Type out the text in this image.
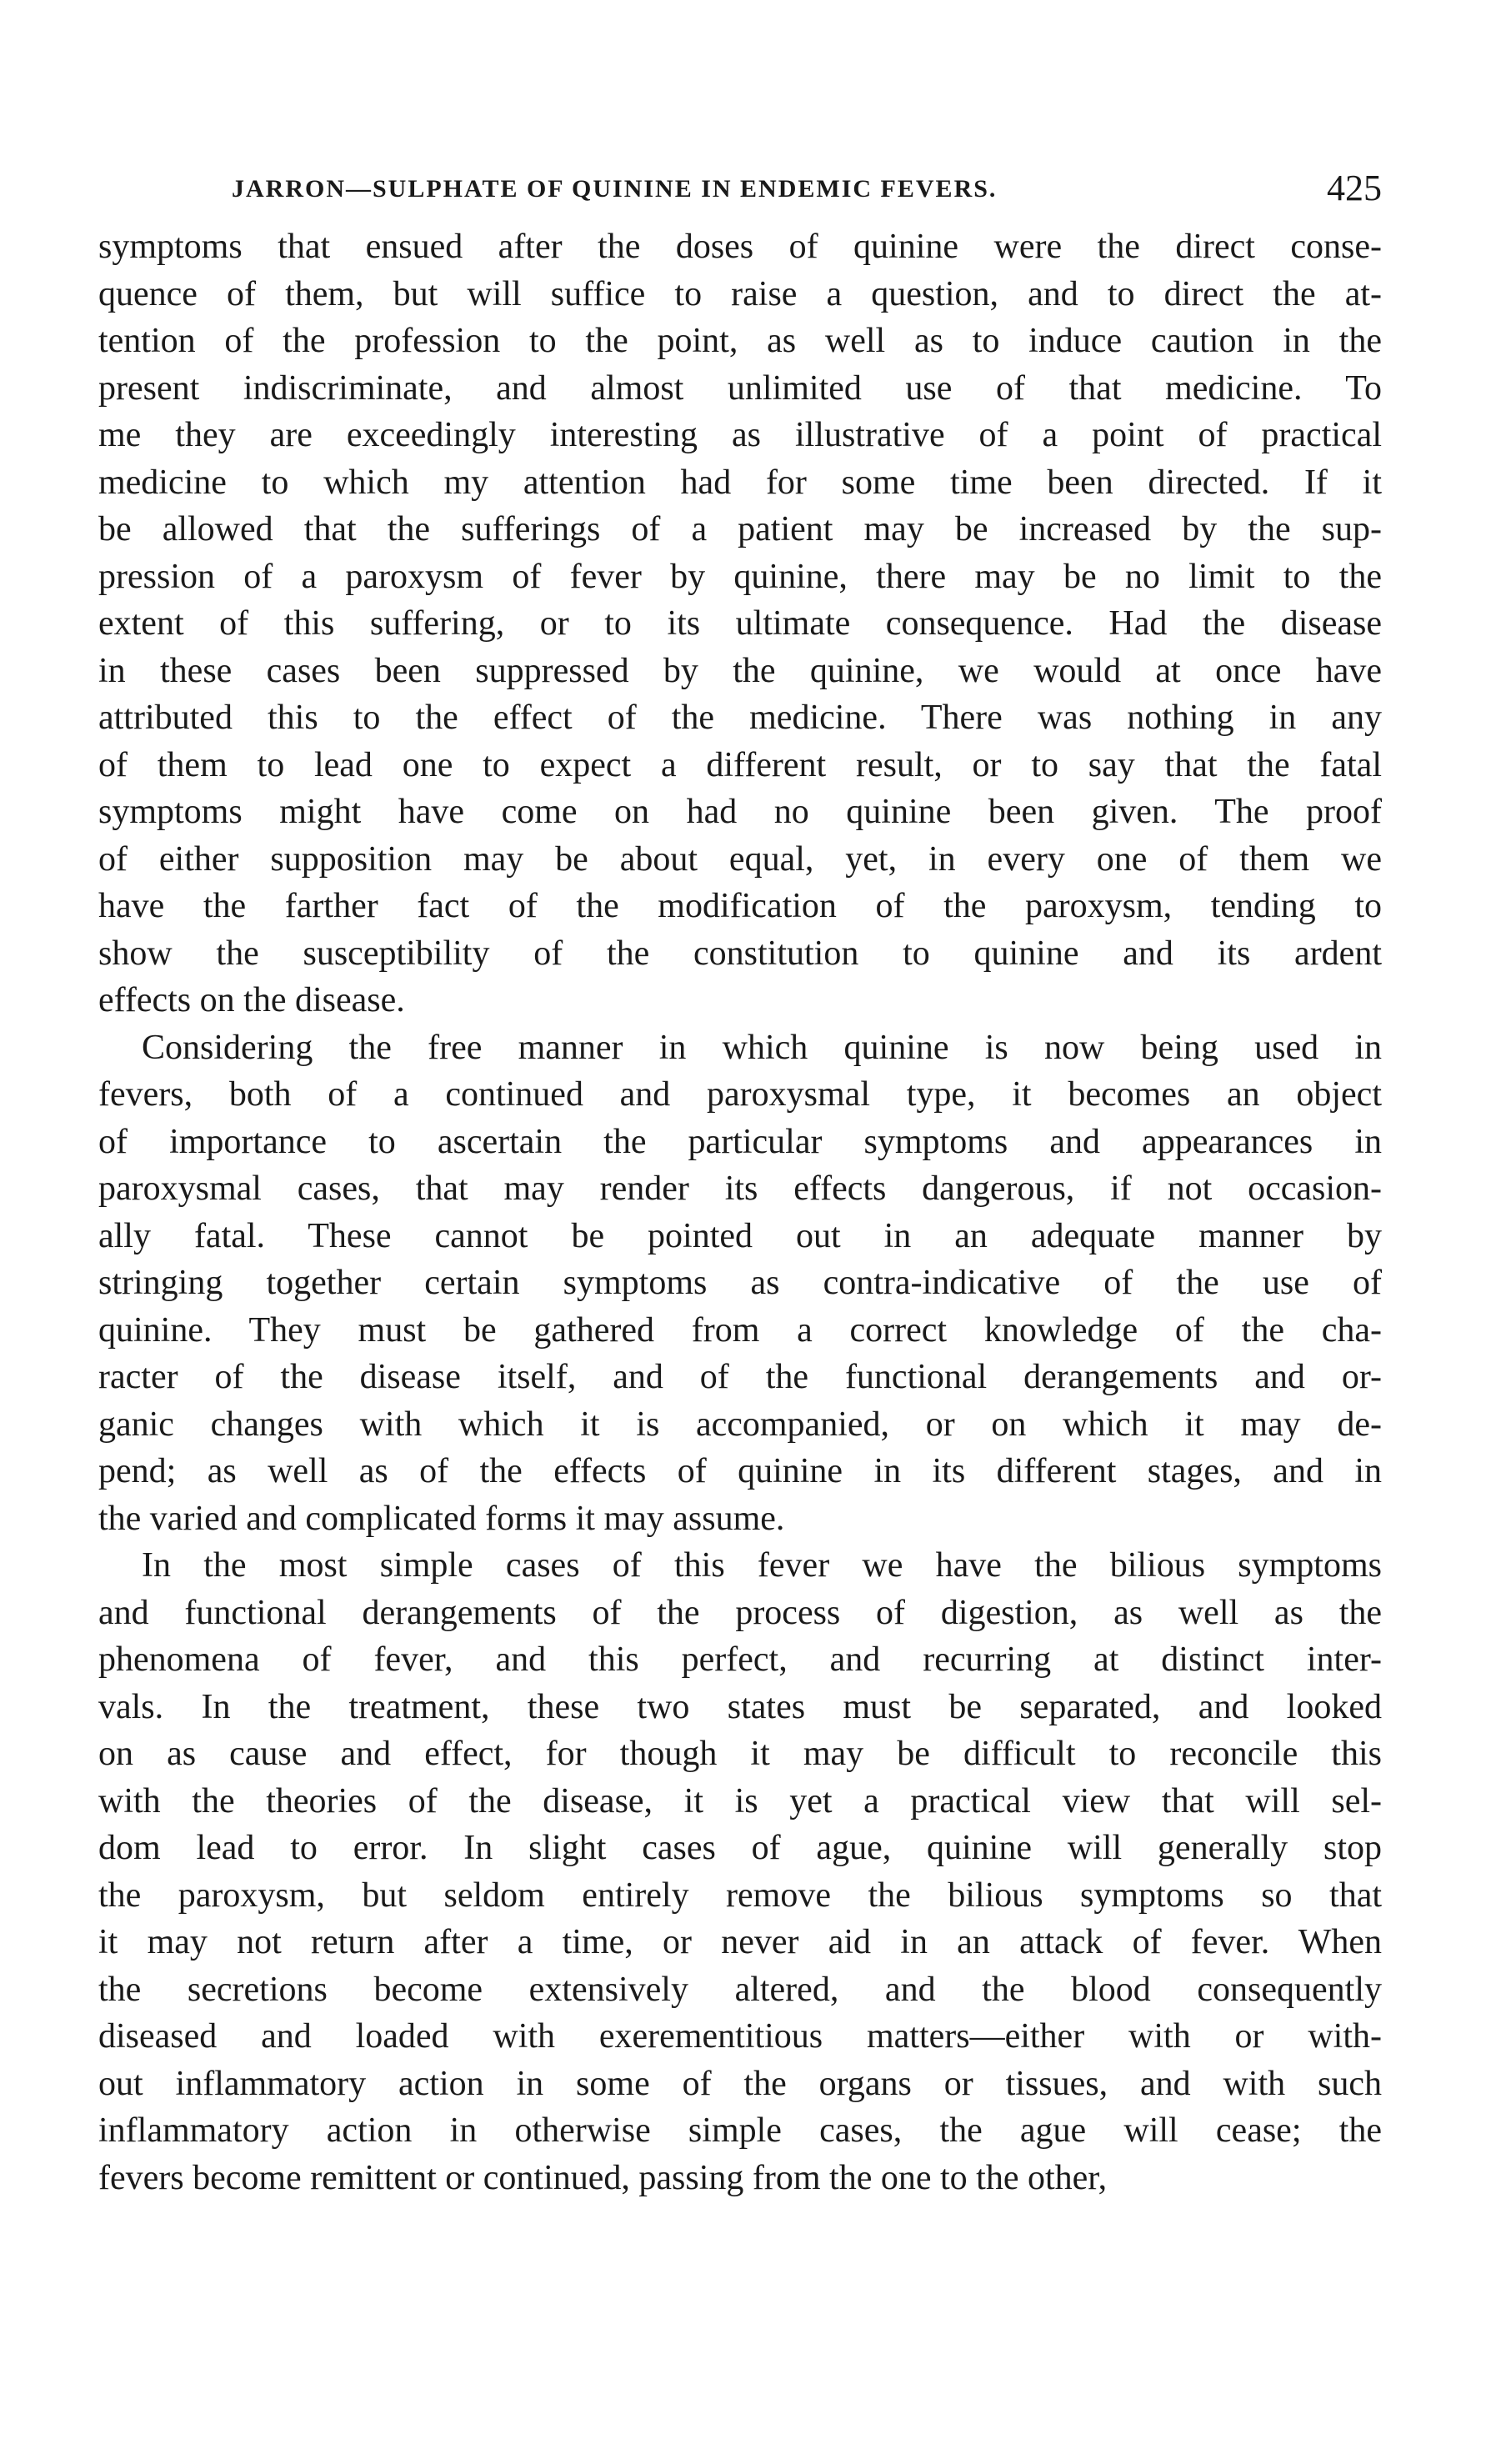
JARRON—SULPHATE OF QUININE IN ENDEMIC FEVERS.	425
symptoms that ensued after the doses of quinine were the direct conse-
quence of them, but will suffice to raise a question, and to direct the at-
tention of the profession to the point, as well as to induce caution in the
present indiscriminate, and almost unlimited use of that medicine. To
me they are exceedingly interesting as illustrative of a point of practical
medicine to which my attention had for some time been directed. If it
be allowed that the sufferings of a patient may be increased by the sup-
pression of a paroxysm of fever by quinine, there may be no limit to the
extent of this suffering, or to its ultimate consequence. Had the disease
in these cases been suppressed by the quinine, we would at once have
attributed this to the effect of the medicine. There was nothing in any
of them to lead one to expect a different result, or to say that the fatal
symptoms might have come on had no quinine been given. The proof
of either supposition may be about equal, yet, in every one of them we
have the farther fact of the modification of the paroxysm, tending to
show the susceptibility of the constitution to quinine and its ardent
effects on the disease.
Considering the free manner in which quinine is now being used in
fevers, both of a continued and paroxysmal type, it becomes an object
of importance to ascertain the particular symptoms and appearances in
paroxysmal cases, that may render its effects dangerous, if not occasion-
ally fatal. These cannot be pointed out in an adequate manner by
stringing together certain symptoms as contra-indicative of the use of
quinine. They must be gathered from a correct knowledge of the cha-
racter of the disease itself, and of the functional derangements and or-
ganic changes with which it is accompanied, or on which it may de-
pend; as well as of the effects of quinine in its different stages, and in
the varied and complicated forms it may assume.
In the most simple cases of this fever we have the bilious symptoms
and functional derangements of the process of digestion, as well as the
phenomena of fever, and this perfect, and recurring at distinct inter-
vals. In the treatment, these two states must be separated, and looked
on as cause and effect, for though it may be difficult to reconcile this
with the theories of the disease, it is yet a practical view that will sel-
dom lead to error. In slight cases of ague, quinine will generally stop
the paroxysm, but seldom entirely remove the bilious symptoms so that
it may not return after a time, or never aid in an attack of fever. When
the secretions become extensively altered, and the blood consequently
diseased and loaded with exerementitious matters—either with or with-
out inflammatory action in some of the organs or tissues, and with such
inflammatory action in otherwise simple cases, the ague will cease; the
fevers become remittent or continued, passing from the one to the other,
